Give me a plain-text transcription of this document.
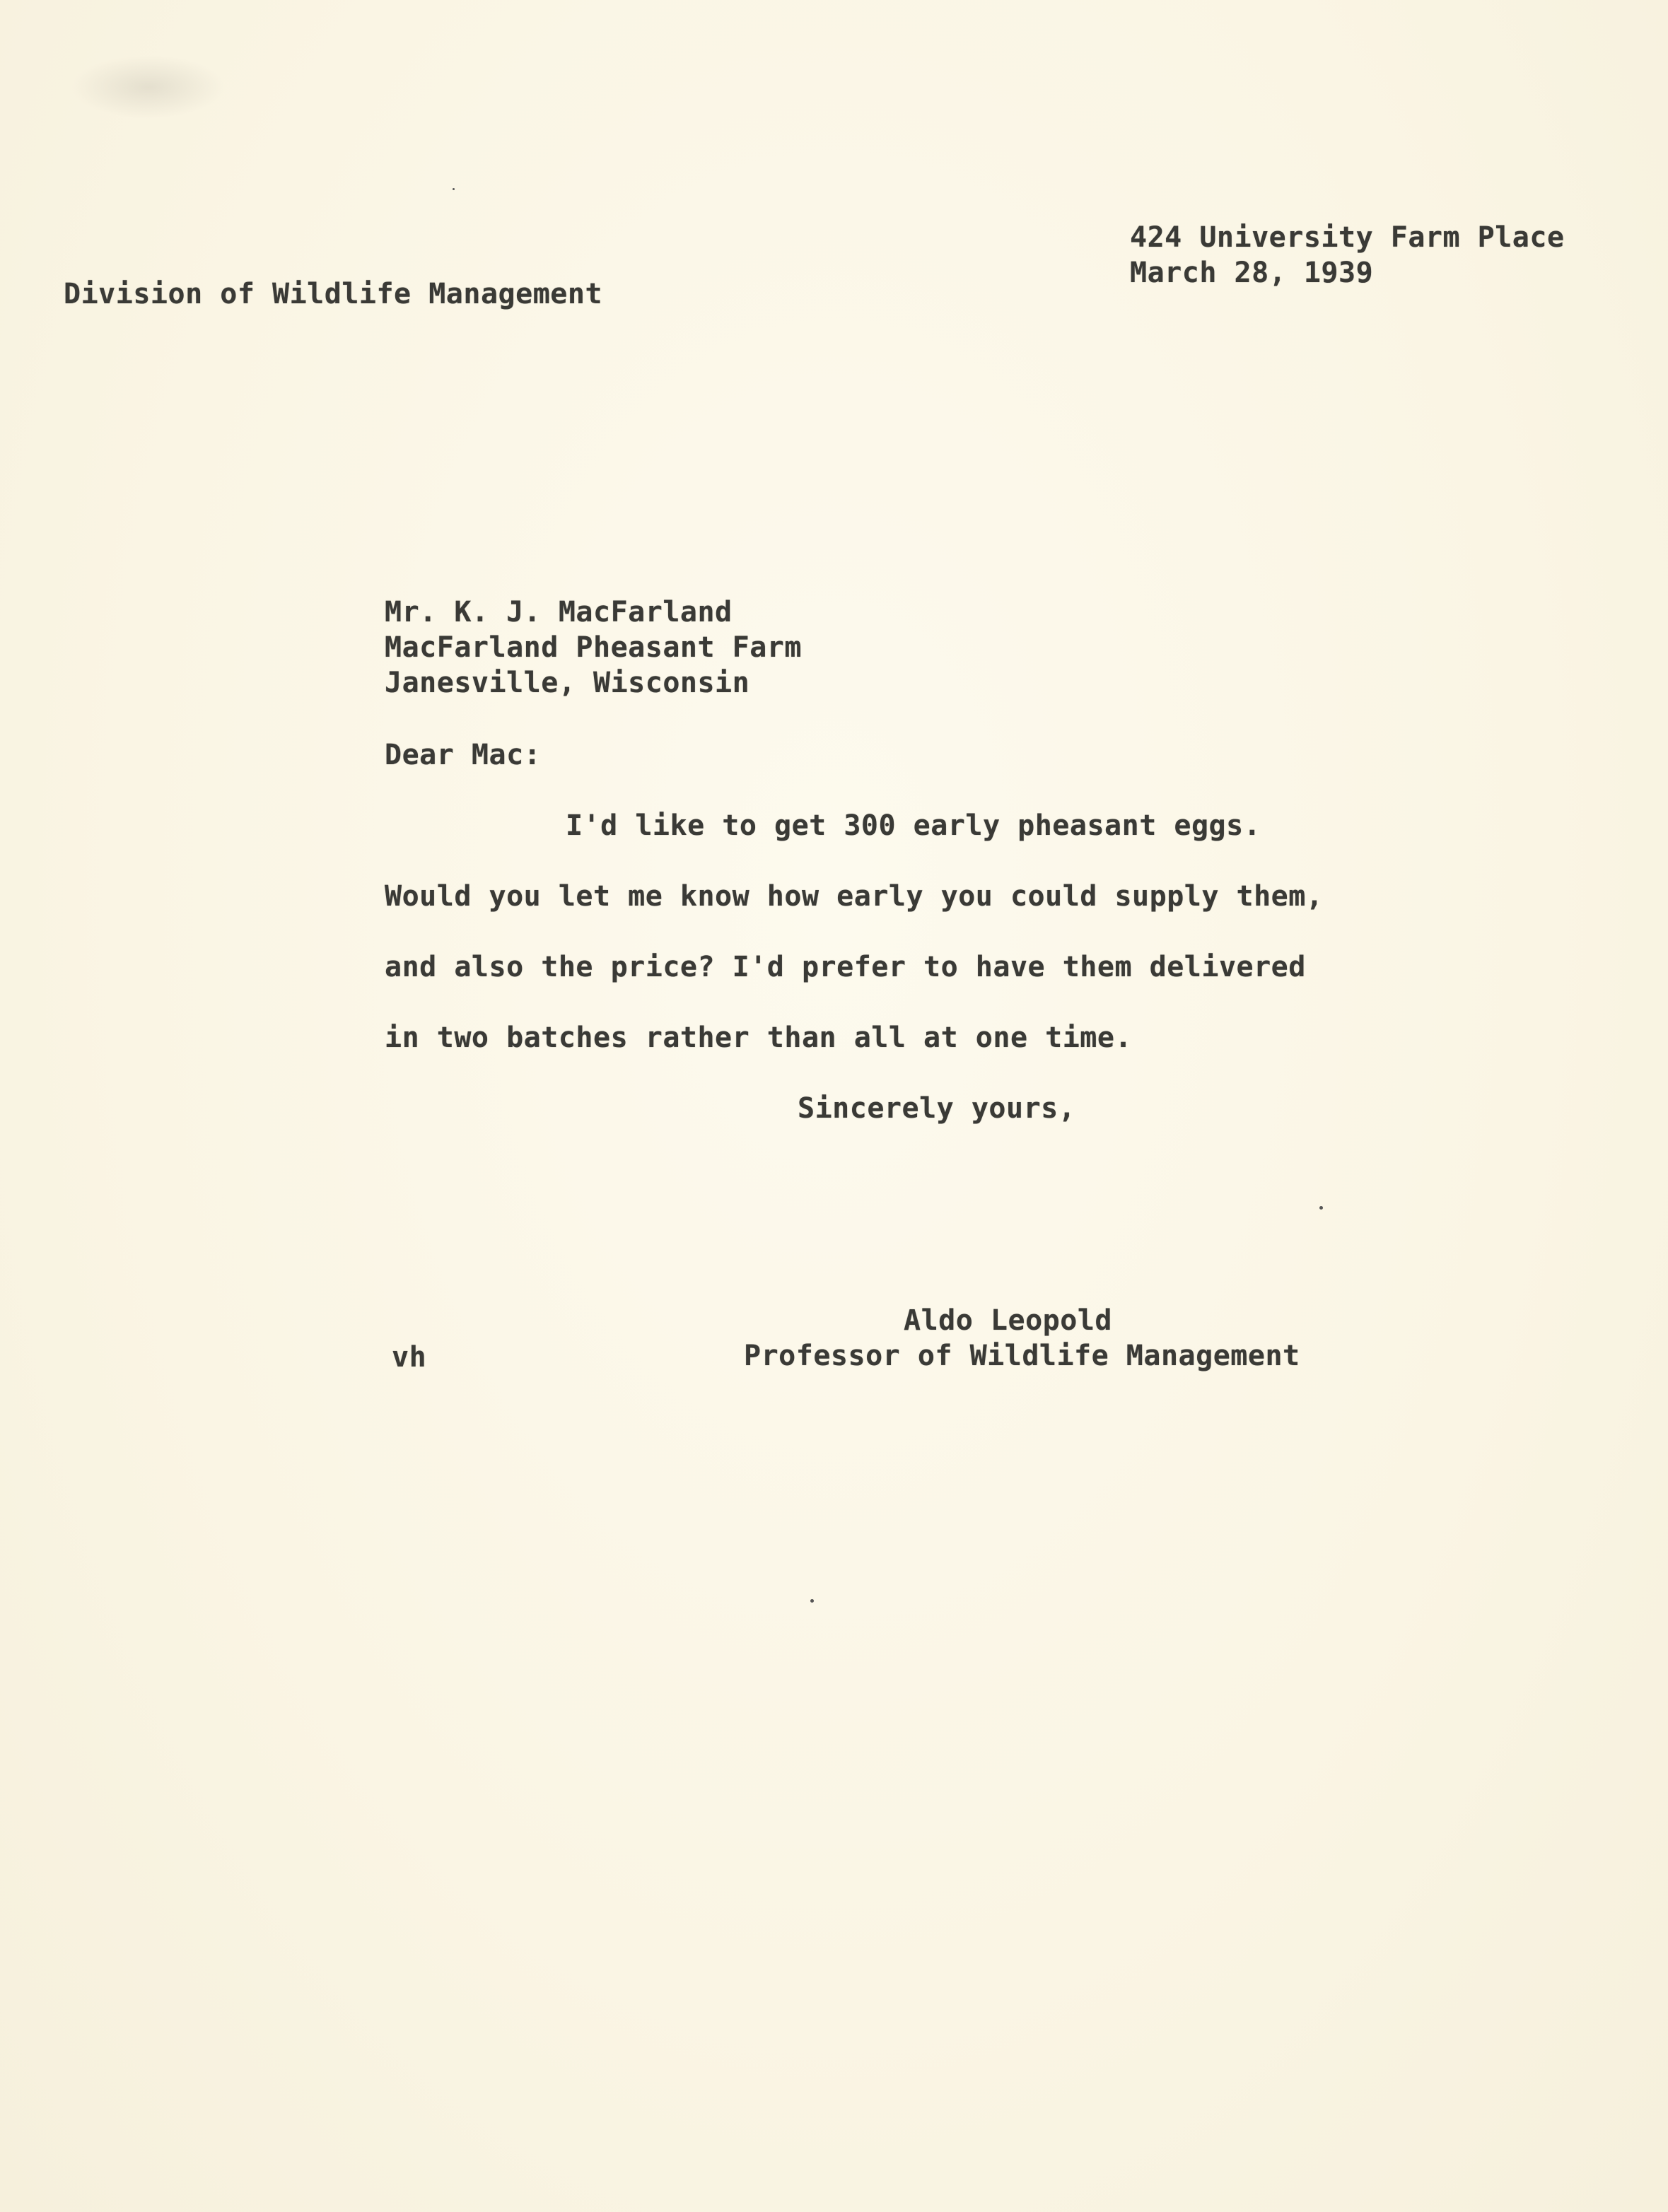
424 University Farm Place
March 28, 1939
Division of Wildlife Management
Mr. K. J. MacFarland
MacFarland Pheasant Farm
Janesville, Wisconsin
Dear Mac:
I'd like to get 300 early pheasant eggs.
Would you let me know how early you could supply them,
and also the price? I'd prefer to have them delivered
in two batches rather than all at one time.
Sincerely yours,
Aldo Leopold
Professor of Wildlife Management
vh
